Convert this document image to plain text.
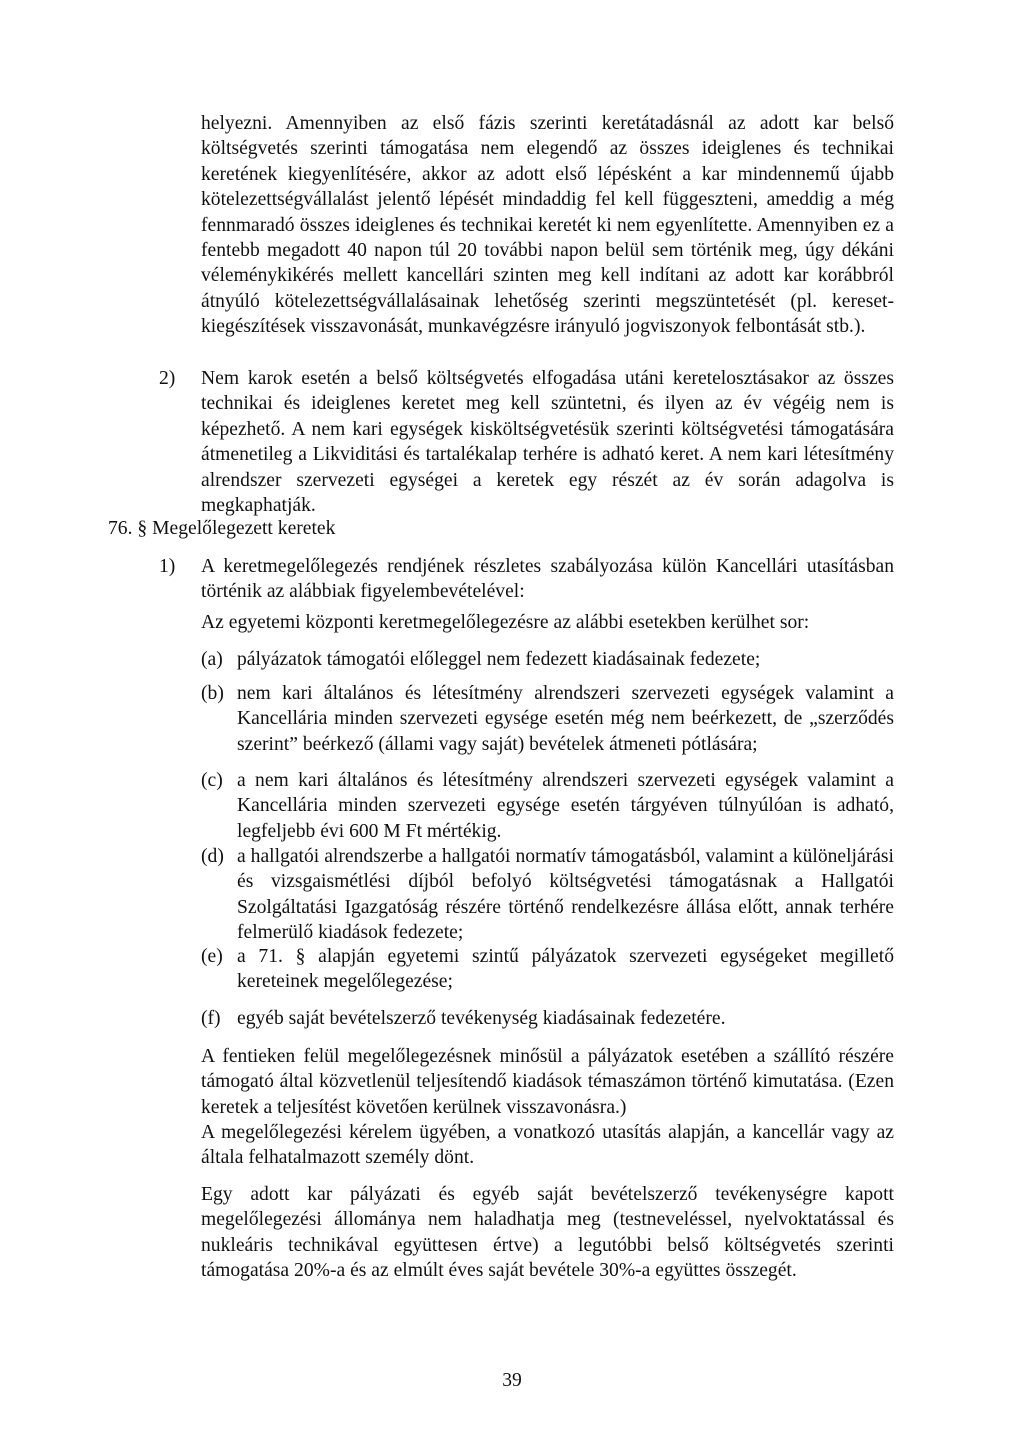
helyezni. Amennyiben az első fázis szerinti keretátadásnál az adott kar belső költségvetés szerinti támogatása nem elegendő az összes ideiglenes és technikai keretének kiegyenlítésére, akkor az adott első lépésként a kar mindennemű újabb kötelezettségvállalást jelentő lépését mindaddig fel kell függeszteni, ameddig a még fennmaradó összes ideiglenes és technikai keretét ki nem egyenlítette. Amennyiben ez a fentebb megadott 40 napon túl 20 további napon belül sem történik meg, úgy dékáni véleménykikérés mellett kancellári szinten meg kell indítani az adott kar korábbról átnyúló kötelezettségvállalásainak lehetőség szerinti megszüntetését (pl. kereset-kiegészítések visszavonását, munkavégzésre irányuló jogviszonyok felbontását stb.).

2)	Nem karok esetén a belső költségvetés elfogadása utáni keretelosztásakor az összes technikai és ideiglenes keretet meg kell szüntetni, és ilyen az év végéig nem is képezhető. A nem kari egységek kisköltségvetésük szerinti költségvetési támogatására átmenetileg a Likviditási és tartalékalap terhére is adható keret. A nem kari létesítmény alrendszer szervezeti egységei a keretek egy részét az év során adagolva is megkaphatják.
76. § Megelőlegezett keretek
1)	A keretmegelőlegezés rendjének részletes szabályozása külön Kancellári utasításban történik az alábbiak figyelembevételével:

Az egyetemi központi keretmegelőlegezésre az alábbi esetekben kerülhet sor:

(a) pályázatok támogatói előleggel nem fedezett kiadásainak fedezete;
(b) nem kari általános és létesítmény alrendszeri szervezeti egységek valamint a Kancellária minden szervezeti egysége esetén még nem beérkezett, de „szerződés szerint” beérkező (állami vagy saját) bevételek átmeneti pótlására;
(c) a nem kari általános és létesítmény alrendszeri szervezeti egységek valamint a Kancellária minden szervezeti egysége esetén tárgyéven túlnyúlóan is adható, legfeljebb évi 600 M Ft mértékig.
(d) a hallgatói alrendszerbe a hallgatói normatív támogatásból, valamint a különeljárási és vizsgaismétlési díjból befolyó költségvetési támogatásnak a Hallgatói Szolgáltatási Igazgatóság részére történő rendelkezésre állása előtt, annak terhére felmerülő kiadások fedezete;
(e) a 71. § alapján egyetemi szintű pályázatok szervezeti egységeket megillető kereteinek megelőlegezése;
(f) egyéb saját bevételszerző tevékenység kiadásainak fedezetére.

A fentieken felül megelőlegezésnek minősül a pályázatok esetében a szállító részére támogató által közvetlenül teljesítendő kiadások témaszámon történő kimutatása. (Ezen keretek a teljesítést követően kerülnek visszavonásra.)

A megelőlegezési kérelem ügyében, a vonatkozó utasítás alapján, a kancellár vagy az általa felhatalmazott személy dönt.

Egy adott kar pályázati és egyéb saját bevételszerző tevékenységre kapott megelőlegezési állománya nem haladhatja meg (testneveléssel, nyelvoktatással és nukleáris technikával együttesen értve) a legutóbbi belső költségvetés szerinti támogatása 20%-a és az elmúlt éves saját bevétele 30%-a együttes összegét.

39
